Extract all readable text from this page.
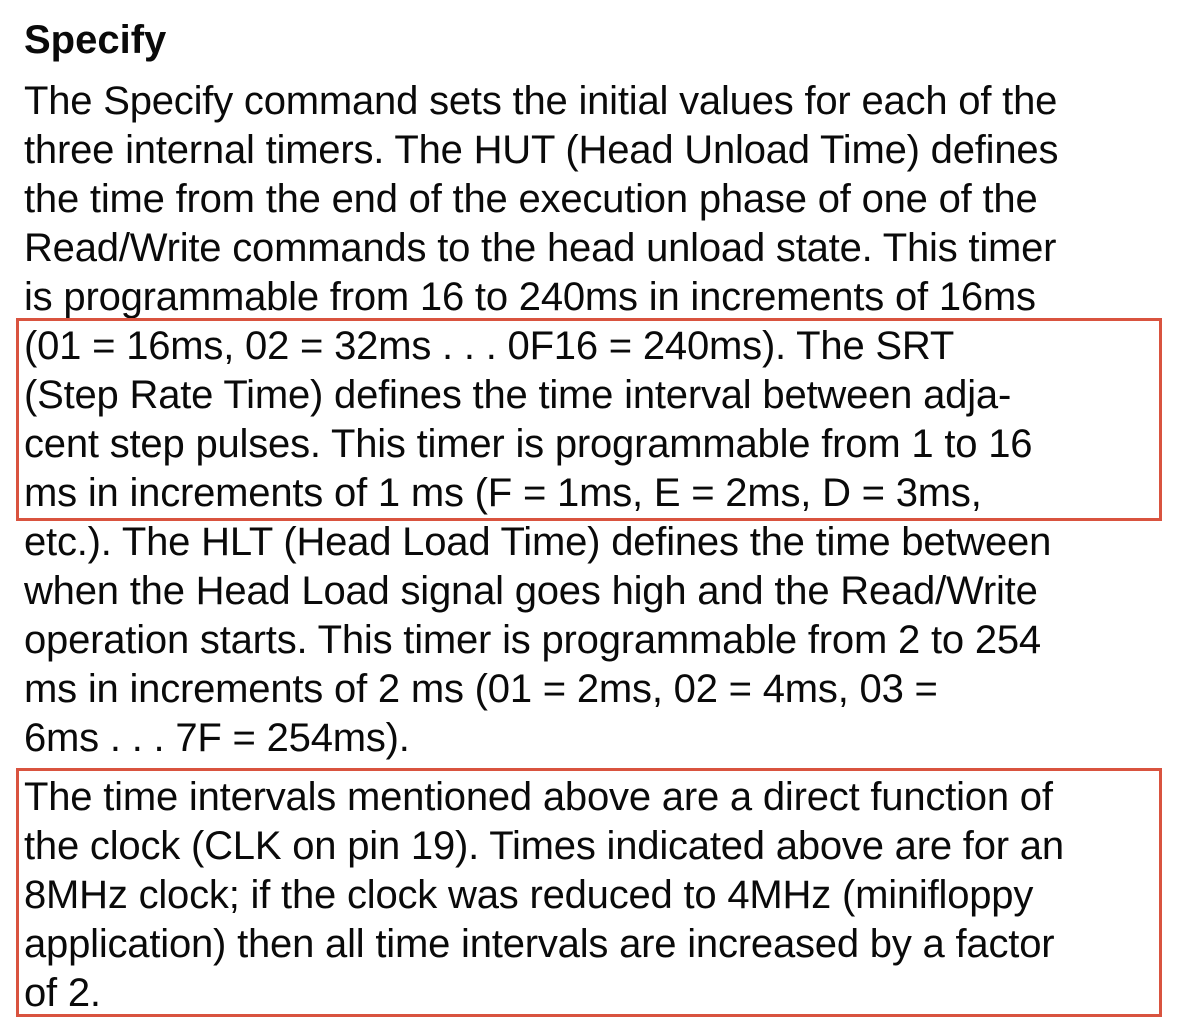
Specify
The Specify command sets the initial values for each of the
three internal timers. The HUT (Head Unload Time) defines
the time from the end of the execution phase of one of the
Read/Write commands to the head unload state. This timer
is programmable from 16 to 240ms in increments of 16ms
(01 = 16ms, 02 = 32ms . . . 0F16 = 240ms). The SRT
(Step Rate Time) defines the time interval between adja-
cent step pulses. This timer is programmable from 1 to 16
ms in increments of 1 ms (F = 1ms, E = 2ms, D = 3ms,
etc.). The HLT (Head Load Time) defines the time between
when the Head Load signal goes high and the Read/Write
operation starts. This timer is programmable from 2 to 254
ms in increments of 2 ms (01 = 2ms, 02 = 4ms, 03 =
6ms . . . 7F = 254ms).
The time intervals mentioned above are a direct function of
the clock (CLK on pin 19). Times indicated above are for an
8MHz clock; if the clock was reduced to 4MHz (minifloppy
application) then all time intervals are increased by a factor
of 2.
